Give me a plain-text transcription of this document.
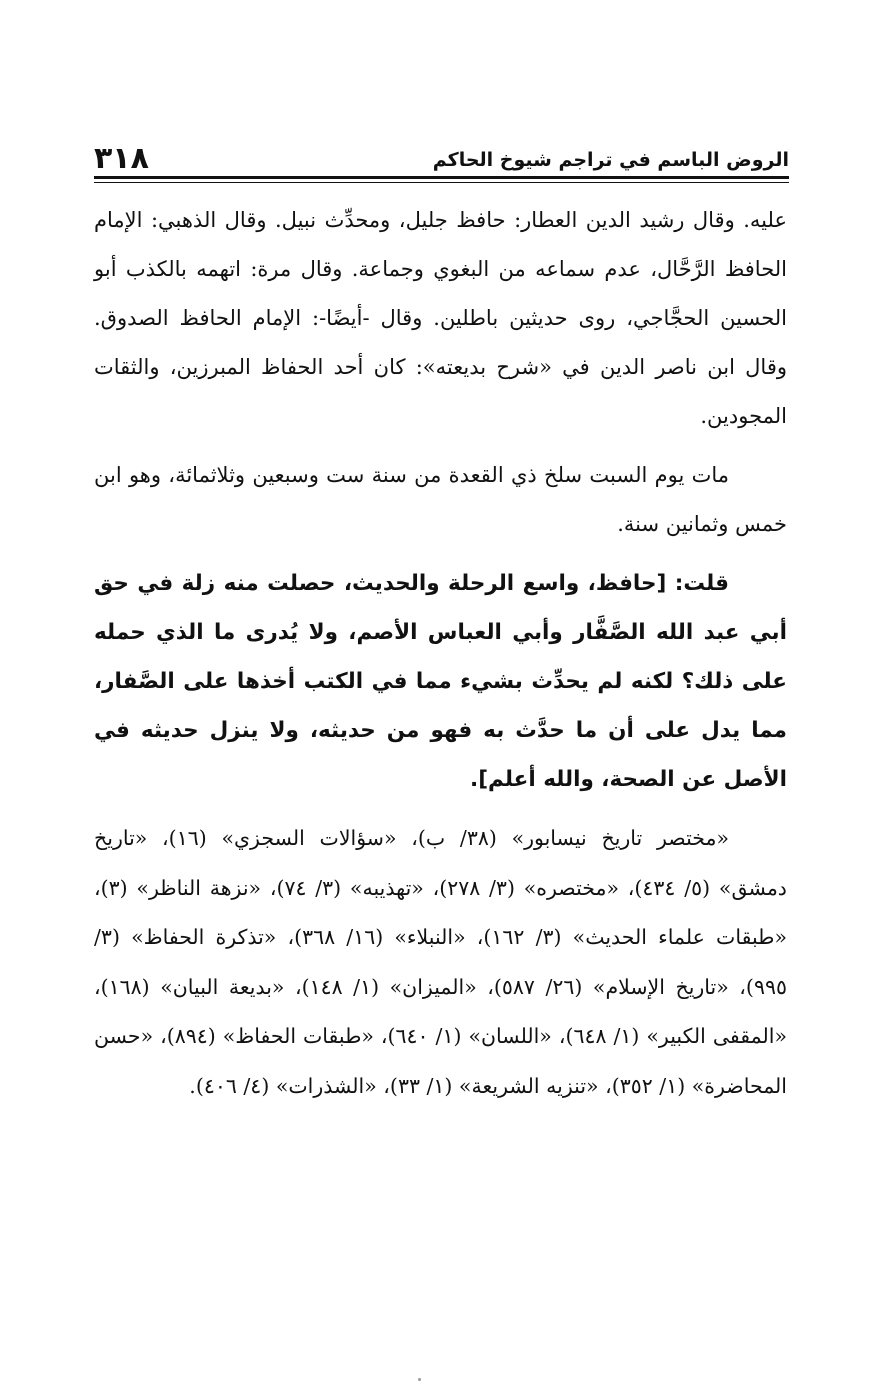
٣١٨	الروض الباسم في تراجم شيوخ الحاكم

عليه. وقال رشيد الدين العطار: حافظ جليل، ومحدِّث نبيل. وقال الذهبي: الإمام الحافظ الرَّحَّال، عدم سماعه من البغوي وجماعة. وقال مرة: اتهمه بالكذب أبو الحسين الحجَّاجي، روى حديثين باطلين. وقال -أيضًا-: الإمام الحافظ الصدوق. وقال ابن ناصر الدين في «شرح بديعته»: كان أحد الحفاظ المبرزين، والثقات المجودين.

مات يوم السبت سلخ ذي القعدة من سنة ست وسبعين وثلاثمائة، وهو ابن خمس وثمانين سنة.

قلت: [حافظ، واسع الرحلة والحديث، حصلت منه زلة في حق أبي عبد الله الصَّفَّار وأبي العباس الأصم، ولا يُدرى ما الذي حمله على ذلك؟ لكنه لم يحدِّث بشيء مما في الكتب أخذها على الصَّفار، مما يدل على أن ما حدَّث به فهو من حديثه، ولا ينزل حديثه في الأصل عن الصحة، والله أعلم].

«مختصر تاريخ نيسابور» (٣٨/ ب)، «سؤالات السجزي» (١٦)، «تاريخ دمشق» (٥/ ٤٣٤)، «مختصره» (٣/ ٢٧٨)، «تهذيبه» (٣/ ٧٤)، «نزهة الناظر» (٣)، «طبقات علماء الحديث» (٣/ ١٦٢)، «النبلاء» (١٦/ ٣٦٨)، «تذكرة الحفاظ» (٣/ ٩٩٥)، «تاريخ الإسلام» (٢٦/ ٥٨٧)، «الميزان» (١/ ١٤٨)، «بديعة البيان» (١٦٨)، «المقفى الكبير» (١/ ٦٤٨)، «اللسان» (١/ ٦٤٠)، «طبقات الحفاظ» (٨٩٤)، «حسن المحاضرة» (١/ ٣٥٢)، «تنزيه الشريعة» (١/ ٣٣)، «الشذرات» (٤/ ٤٠٦).
